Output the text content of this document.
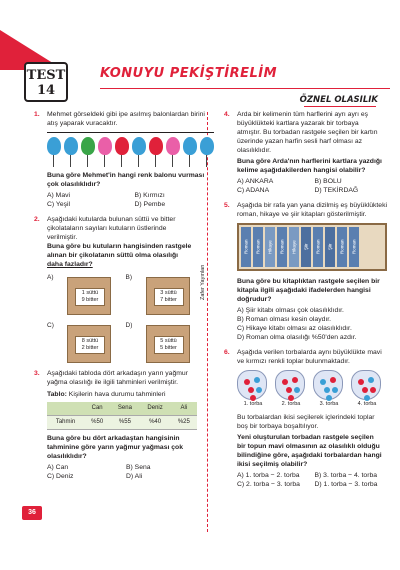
TEST
14
KONUYU PEKİŞTİRELİM
ÖZNEL OLASILIK
Zafer Yayınları
1.	Mehmet görseldeki gibi ipe asılmış balonlardan birini atış yaparak vuracaktır.
Buna göre Mehmet'in hangi renk balonu vurması çok olasılıklıdır?
A) Mavi	B) Kırmızı
C) Yeşil	D) Pembe
2.	Aşağıdaki kutularda bulunan süttü ve bitter çikolataların sayıları kutuların üstlerinde verilmiştir.
Buna göre bu kutuların hangisinden rastgele alınan bir çikolatanın süttü olma olasılığı daha fazladır?
A)
1 süttü
9 bitter
B)
3 süttü
7 bitter
C)
8 süttü
2 bitter
D)
5 süttü
5 bitter
3.	Aşağıdaki tabloda dört arkadaşın yarın yağmur yağma olasılığı ile ilgili tahminleri verilmiştir.
Tablo: Kişilerin hava durumu tahminleri
	Can	Sena	Deniz	Ali
Tahmin	%50	%55	%40	%25
Buna göre bu dört arkadaştan hangisinin tahminine göre yarın yağmur yağması çok olasılıklıdır?
A) Can	B) Sena
C) Deniz	D) Ali
4.	Arda bir kelimenin tüm harflerini ayrı ayrı eş büyüklükteki kartlara yazarak bir torbaya atmıştır. Bu torbadan rastgele seçilen bir kartın üzerinde yazan harfin sesli harf olması az olasılıklıdır.
Buna göre Arda'nın harflerini kartlara yazdığı kelime aşağıdakilerden hangisi olabilir?
A) ANKARA	B) BOLU
C) ADANA	D) TEKİRDAĞ
5.	Aşağıda bir rafa yan yana dizilmiş eş büyüklükteki roman, hikaye ve şiir kitapları gösterilmiştir.
Roman	Roman	Hikaye	Roman	Hikaye	Şiir	Roman	Şiir	Roman	Roman
Buna göre bu kitaplıktan rastgele seçilen bir kitapla ilgili aşağıdaki ifadelerden hangisi doğrudur?
A) Şiir kitabı olması çok olasılıklıdır.
B) Roman olması kesin olaydır.
C) Hikaye kitabı olması az olasılıklıdır.
D) Roman olma olasılığı %50'den azdır.
6.	Aşağıda verilen torbalarda aynı büyüklükte mavi ve kırmızı renkli toplar bulunmaktadır.
1. torba	2. torba	3. torba	4. torba
Bu torbalardan ikisi seçilerek içlerindeki toplar boş bir torbaya boşaltılıyor.
Yeni oluşturulan torbadan rastgele seçilen bir topun mavi olmasının az olasılıklı olduğu bilindiğine göre, aşağıdaki torbalardan hangi ikisi seçilmiş olabilir?
A) 1. torba − 2. torba	B) 3. torba − 4. torba
C) 2. torba − 3. torba	D) 1. torba − 3. torba
36
